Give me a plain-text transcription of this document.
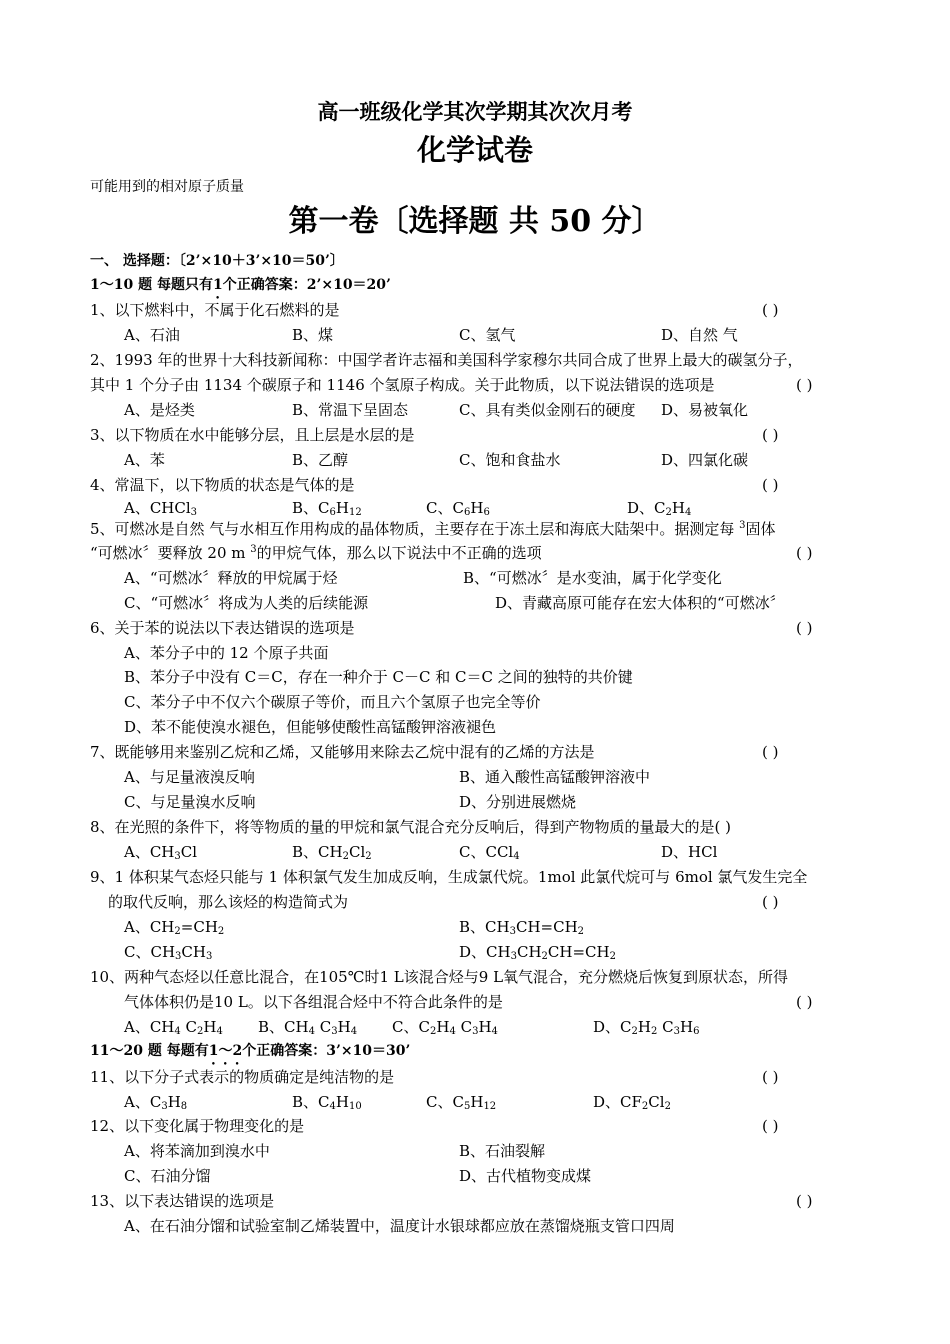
高一班级化学其次学期其次次月考
化学试卷
可能用到的相对原子质量
第一卷〔选择题 共 50 分〕
一、 选择题：〔2’×10＋3’×10＝50’〕
1～10 题 每题只有1个正确答案：2’×10＝20’
1、以下燃料中，不属于化石燃料的是	( )
A、石油	B、煤	C、氢气	D、自然 气
2、1993 年的世界十大科技新闻称：中国学者许志福和美国科学家穆尔共同合成了世界上最大的碳氢分子，
其中 1 个分子由 1134 个碳原子和 1146 个氢原子构成。关于此物质，以下说法错误的选项是	( )
A、是烃类	B、常温下呈固态	C、具有类似金刚石的硬度 D、易被氧化
3、以下物质在水中能够分层，且上层是水层的是	( )
A、苯	B、乙醇	C、饱和食盐水	D、四氯化碳
4、常温下，以下物质的状态是气体的是	( )
A、CHCl$_3$	B、$C_6H_{12}$	C、$C_6H_6$	D、$C_2H_4$
5、可燃冰是自然 气与水相互作用构成的晶体物质，主要存在于冻土层和海底大陆架中。据测定每 $^3$固体
“可燃冰〞要释放 20 m $^3$的甲烷气体，那么以下说法中不正确的选项	( )
A、“可燃冰〞释放的甲烷属于烃	B、“可燃冰〞是水变油，属于化学变化
C、“可燃冰〞将成为人类的后续能源	D、青藏高原可能存在宏大体积的“可燃冰〞
6、关于苯的说法以下表达错误的选项是	( )
A、苯分子中的 12 个原子共面
B、苯分子中没有 C＝C，存在一种介于 C－C 和 C＝C 之间的独特的共价键
C、苯分子中不仅六个碳原子等价，而且六个氢原子也完全等价
D、苯不能使溴水褪色，但能够使酸性高锰酸钾溶液褪色
7、既能够用来鉴别乙烷和乙烯，又能够用来除去乙烷中混有的乙烯的方法是	( )
A、与足量液溴反响	B、通入酸性高锰酸钾溶液中
C、与足量溴水反响	D、分别进展燃烧
8、在光照的条件下，将等物质的量的甲烷和氯气混合充分反响后，得到产物物质的量最大的是( )
A、$CH_3Cl$	B、$CH_2Cl_2$	C、CCl$_4$	D、HCl
9、1 体积某气态烃只能与 1 体积氯气发生加成反响，生成氯代烷。1mol 此氯代烷可与 6mol 氯气发生完全
的取代反响，那么该烃的构造简式为	( )
A、$CH_2=CH_2$	B、$CH_3CH=CH_2$
C、$CH_3CH_3$	D、$CH_3CH_2CH=CH_2$
10、两种气态烃以任意比混合，在105℃时1 L该混合烃与9 L氧气混合，充分燃烧后恢复到原状态，所得
气体体积仍是10 L。以下各组混合烃中不符合此条件的是	( )
A、$CH_4$ $C_2H_4$ B、$CH_4$ $C_3H_4$ C、$C_2H_4$ $C_3H_4$	D、$C_2H_2$ $C_3H_6$
11～20 题 每题有1～2个正确答案：3’×10＝30’
11、以下分子式表示的物质确定是纯洁物的是	( )
A、$C_3H_8$	B、$C_4H_{10}$	C、$C_5H_{12}$	D、$CF_2Cl_2$
12、以下变化属于物理变化的是	( )
A、将苯滴加到溴水中	B、石油裂解
C、石油分馏	D、古代植物变成煤
13、以下表达错误的选项是	( )
A、在石油分馏和试验室制乙烯装置中，温度计水银球都应放在蒸馏烧瓶支管口四周
